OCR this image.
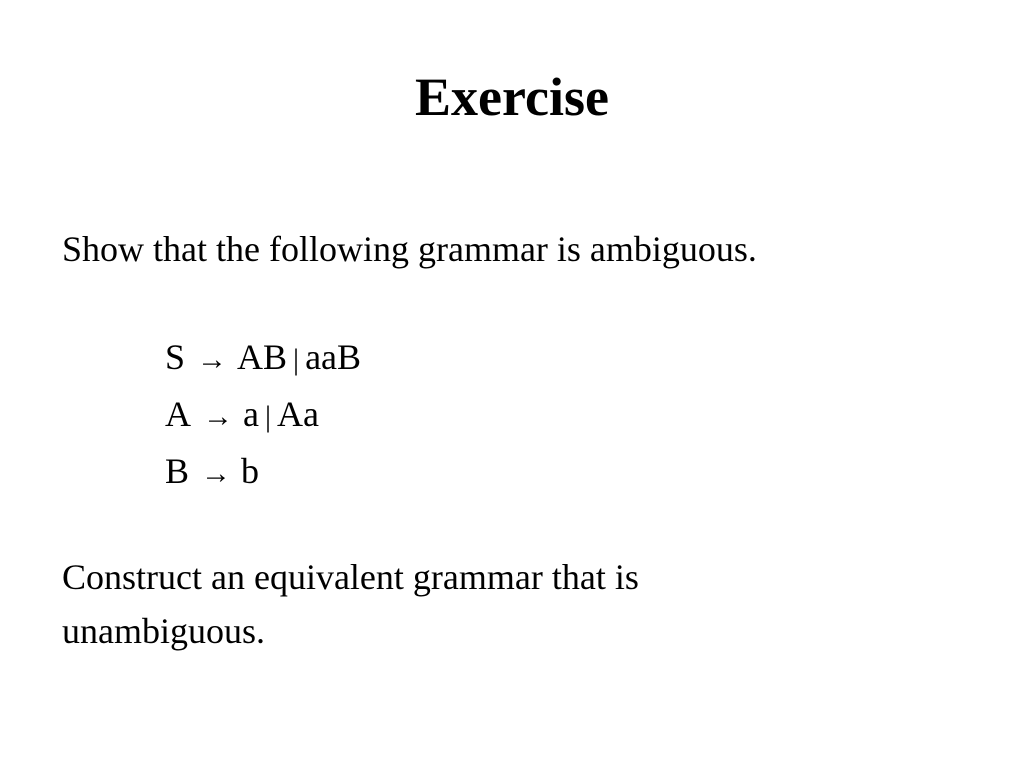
Exercise

Show that the following grammar is ambiguous.

S → AB | aaB
A → a | Aa
B → b

Construct an equivalent grammar that is
unambiguous.
